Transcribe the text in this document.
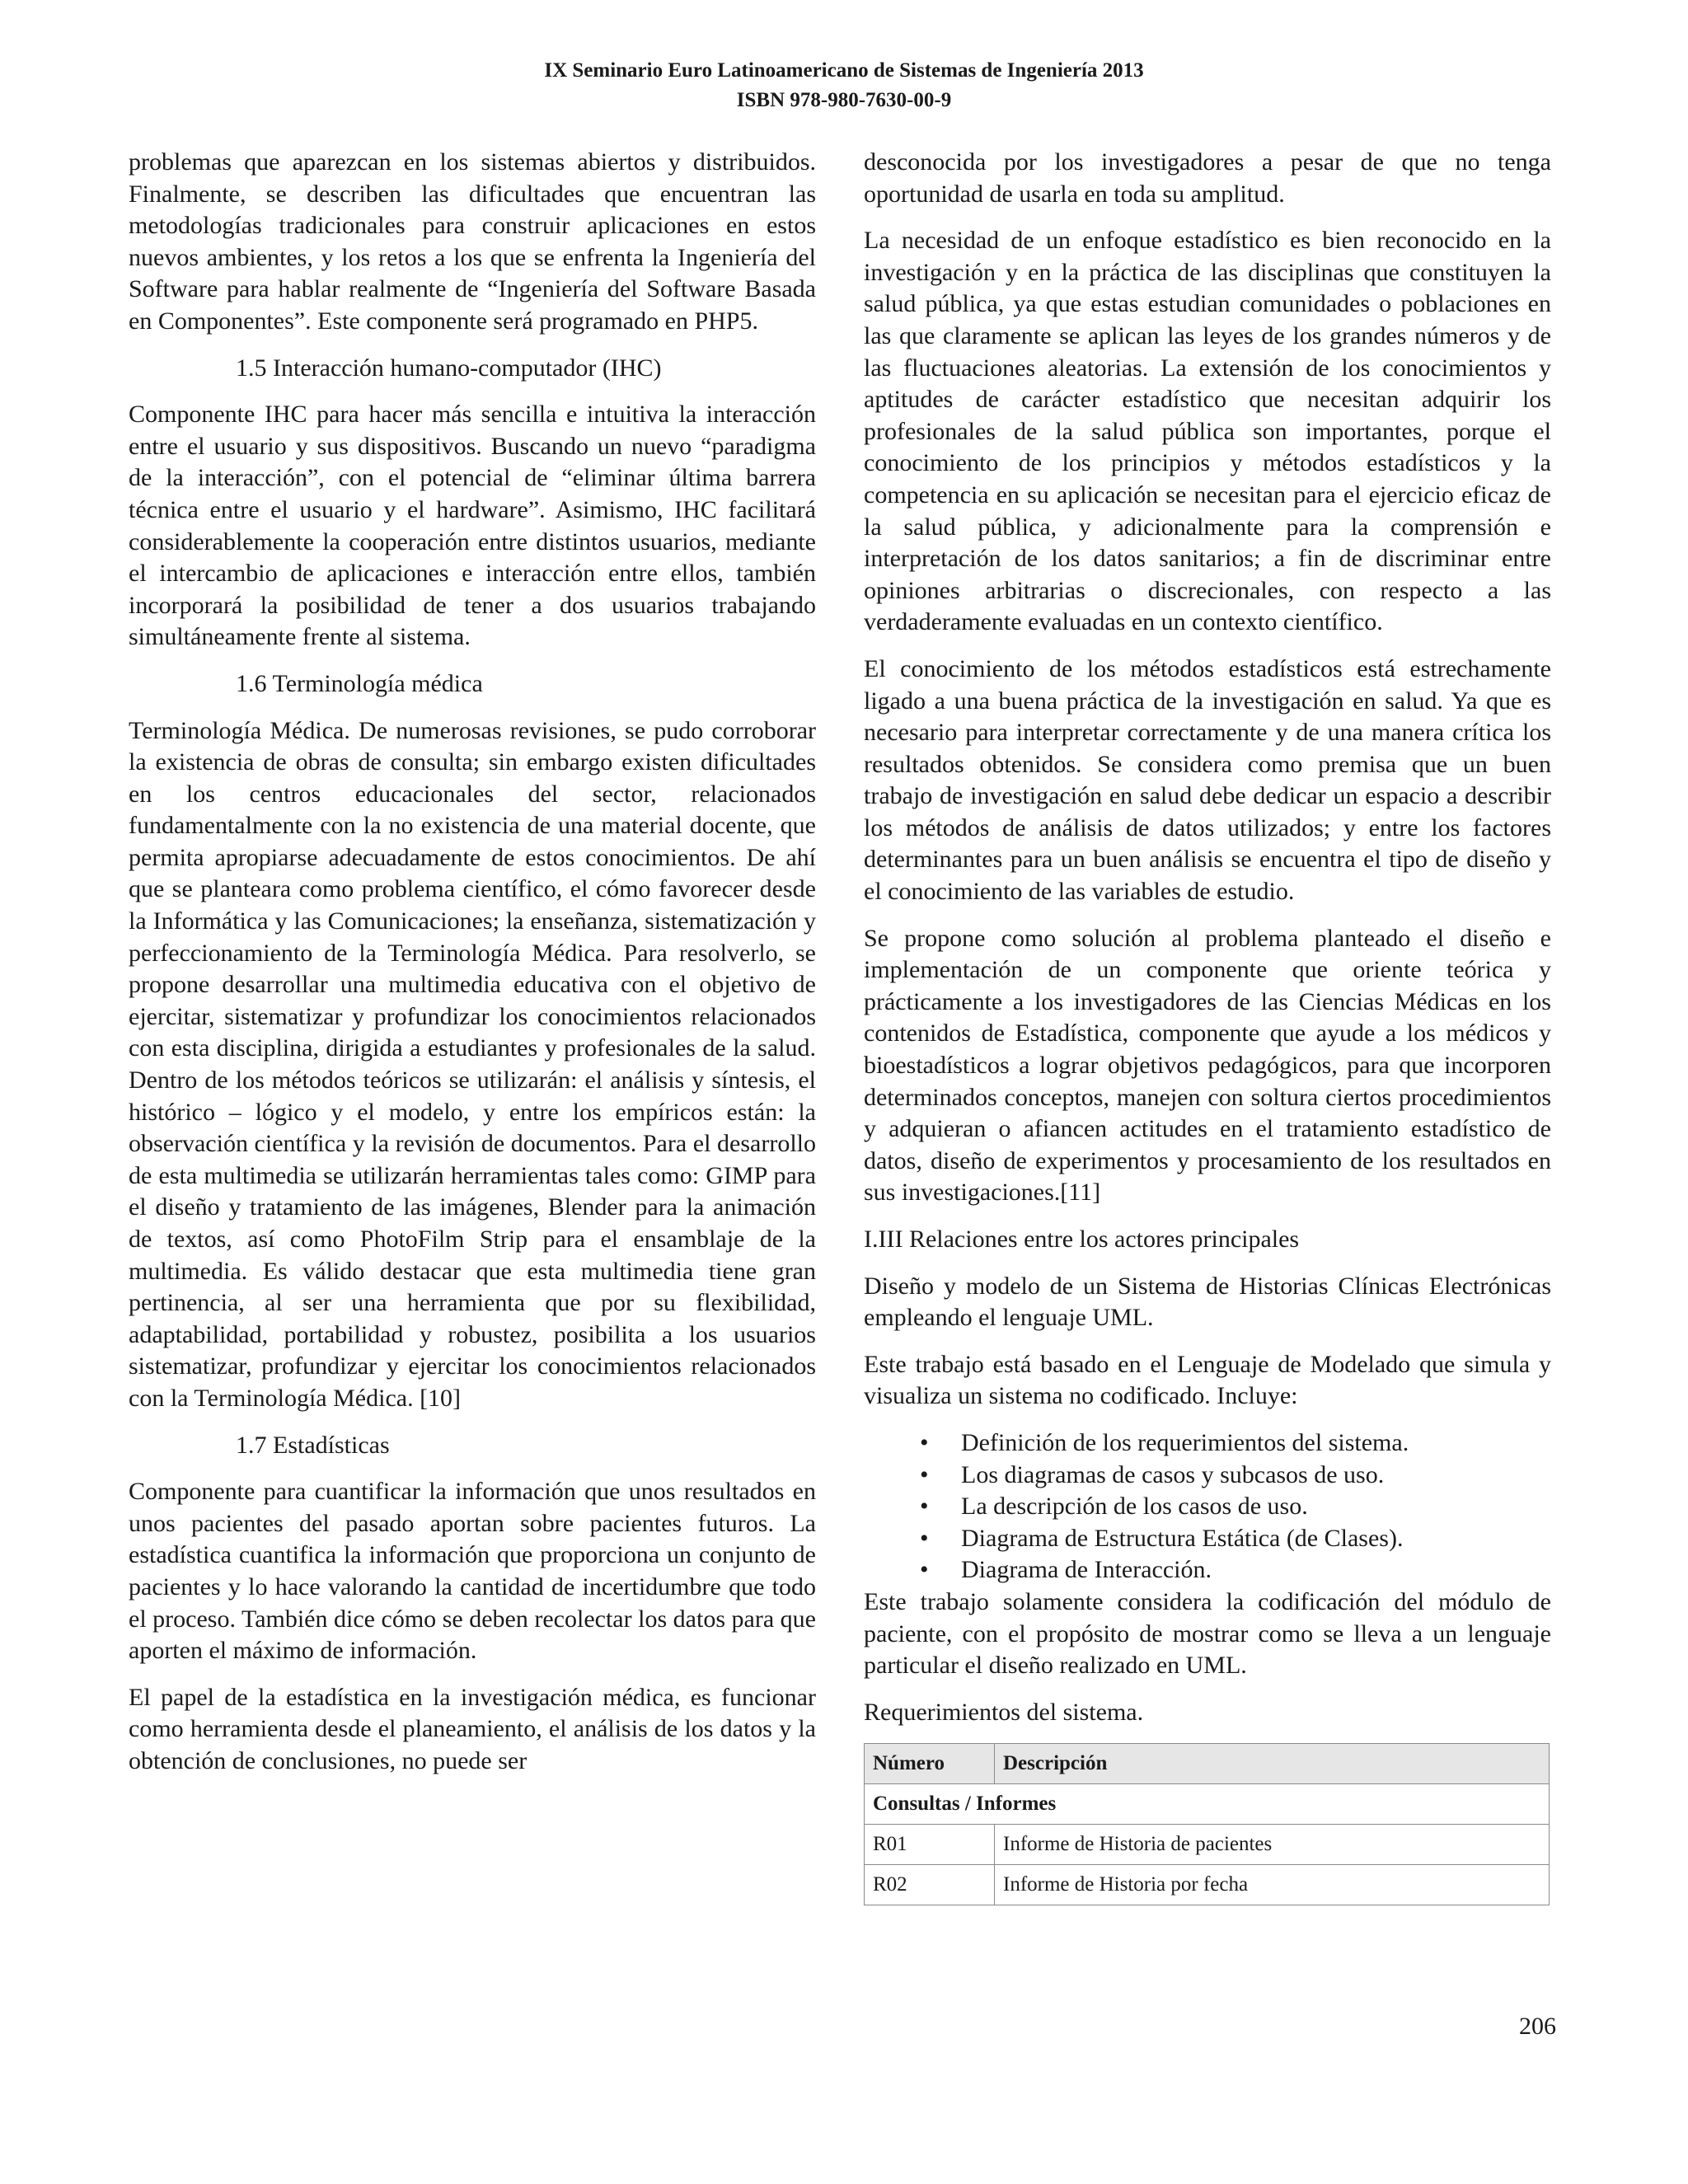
IX Seminario Euro Latinoamericano de Sistemas de Ingeniería 2013
ISBN 978-980-7630-00-9

problemas que aparezcan en los sistemas abiertos y distribuidos. Finalmente, se describen las dificultades que encuentran las metodologías tradicionales para construir aplicaciones en estos nuevos ambientes, y los retos a los que se enfrenta la Ingeniería del Software para hablar realmente de “Ingeniería del Software Basada en Componentes”. Este componente será programado en PHP5.

1.5 Interacción humano-computador (IHC)

Componente IHC para hacer más sencilla e intuitiva la interacción entre el usuario y sus dispositivos. Buscando un nuevo “paradigma de la interacción”, con el potencial de “eliminar última barrera técnica entre el usuario y el hardware”. Asimismo, IHC facilitará considerablemente la cooperación entre distintos usuarios, mediante el intercambio de aplicaciones e interacción entre ellos, también incorporará la posibilidad de tener a dos usuarios trabajando simultáneamente frente al sistema.

1.6 Terminología médica

Terminología Médica. De numerosas revisiones, se pudo corroborar la existencia de obras de consulta; sin embargo existen dificultades en los centros educacionales del sector, relacionados fundamentalmente con la no existencia de una material docente, que permita apropiarse adecuadamente de estos conocimientos. De ahí que se planteara como problema científico, el cómo favorecer desde la Informática y las Comunicaciones; la enseñanza, sistematización y perfeccionamiento de la Terminología Médica. Para resolverlo, se propone desarrollar una multimedia educativa con el objetivo de ejercitar, sistematizar y profundizar los conocimientos relacionados con esta disciplina, dirigida a estudiantes y profesionales de la salud. Dentro de los métodos teóricos se utilizarán: el análisis y síntesis, el histórico – lógico y el modelo, y entre los empíricos están: la observación científica y la revisión de documentos. Para el desarrollo de esta multimedia se utilizarán herramientas tales como: GIMP para el diseño y tratamiento de las imágenes, Blender para la animación de textos, así como PhotoFilm Strip para el ensamblaje de la multimedia. Es válido destacar que esta multimedia tiene gran pertinencia, al ser una herramienta que por su flexibilidad, adaptabilidad, portabilidad y robustez, posibilita a los usuarios sistematizar, profundizar y ejercitar los conocimientos relacionados con la Terminología Médica. [10]

1.7 Estadísticas

Componente para cuantificar la información que unos resultados en unos pacientes del pasado aportan sobre pacientes futuros. La estadística cuantifica la información que proporciona un conjunto de pacientes y lo hace valorando la cantidad de incertidumbre que todo el proceso. También dice cómo se deben recolectar los datos para que aporten el máximo de información.

El papel de la estadística en la investigación médica, es funcionar como herramienta desde el planeamiento, el análisis de los datos y la obtención de conclusiones, no puede ser

desconocida por los investigadores a pesar de que no tenga oportunidad de usarla en toda su amplitud.

La necesidad de un enfoque estadístico es bien reconocido en la investigación y en la práctica de las disciplinas que constituyen la salud pública, ya que estas estudian comunidades o poblaciones en las que claramente se aplican las leyes de los grandes números y de las fluctuaciones aleatorias. La extensión de los conocimientos y aptitudes de carácter estadístico que necesitan adquirir los profesionales de la salud pública son importantes, porque el conocimiento de los principios y métodos estadísticos y la competencia en su aplicación se necesitan para el ejercicio eficaz de la salud pública, y adicionalmente para la comprensión e interpretación de los datos sanitarios; a fin de discriminar entre opiniones arbitrarias o discrecionales, con respecto a las verdaderamente evaluadas en un contexto científico.

El conocimiento de los métodos estadísticos está estrechamente ligado a una buena práctica de la investigación en salud. Ya que es necesario para interpretar correctamente y de una manera crítica los resultados obtenidos. Se considera como premisa que un buen trabajo de investigación en salud debe dedicar un espacio a describir los métodos de análisis de datos utilizados; y entre los factores determinantes para un buen análisis se encuentra el tipo de diseño y el conocimiento de las variables de estudio.

Se propone como solución al problema planteado el diseño e implementación de un componente que oriente teórica y prácticamente a los investigadores de las Ciencias Médicas en los contenidos de Estadística, componente que ayude a los médicos y bioestadísticos a lograr objetivos pedagógicos, para que incorporen determinados conceptos, manejen con soltura ciertos procedimientos y adquieran o afiancen actitudes en el tratamiento estadístico de datos, diseño de experimentos y procesamiento de los resultados en sus investigaciones.[11]

I.III Relaciones entre los actores principales

Diseño y modelo de un Sistema de Historias Clínicas Electrónicas empleando el lenguaje UML.

Este trabajo está basado en el Lenguaje de Modelado que simula y visualiza un sistema no codificado. Incluye:

• Definición de los requerimientos del sistema.
• Los diagramas de casos y subcasos de uso.
• La descripción de los casos de uso.
• Diagrama de Estructura Estática (de Clases).
• Diagrama de Interacción.

Este trabajo solamente considera la codificación del módulo de paciente, con el propósito de mostrar como se lleva a un lenguaje particular el diseño realizado en UML.

Requerimientos del sistema.

Número	Descripción
Consultas / Informes	
R01	Informe de Historia de pacientes
R02	Informe de Historia por fecha
206
